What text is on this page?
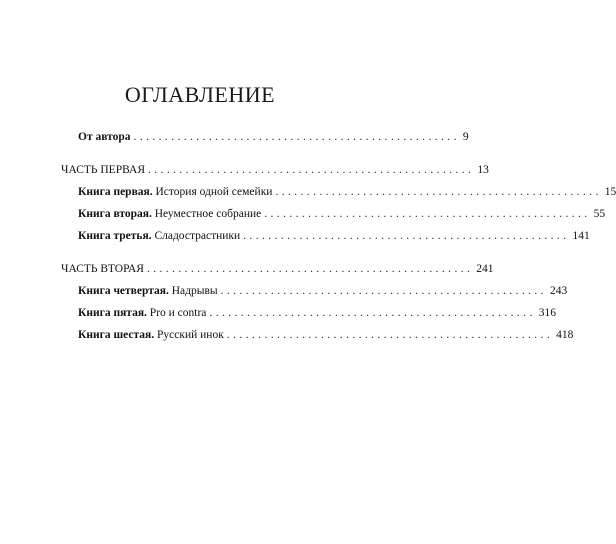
ОГЛАВЛЕНИЕ
От автора .................................................... 9
ЧАСТЬ ПЕРВАЯ .................................................... 13
Книга первая. История одной семейки .................................................... 15
Книга вторая. Неуместное собрание .................................................... 55
Книга третья. Сладострастники .................................................... 141
ЧАСТЬ ВТОРАЯ .................................................... 241
Книга четвертая. Надрывы .................................................... 243
Книга пятая. Pro и contra .................................................... 316
Книга шестая. Русский инок .................................................... 418
